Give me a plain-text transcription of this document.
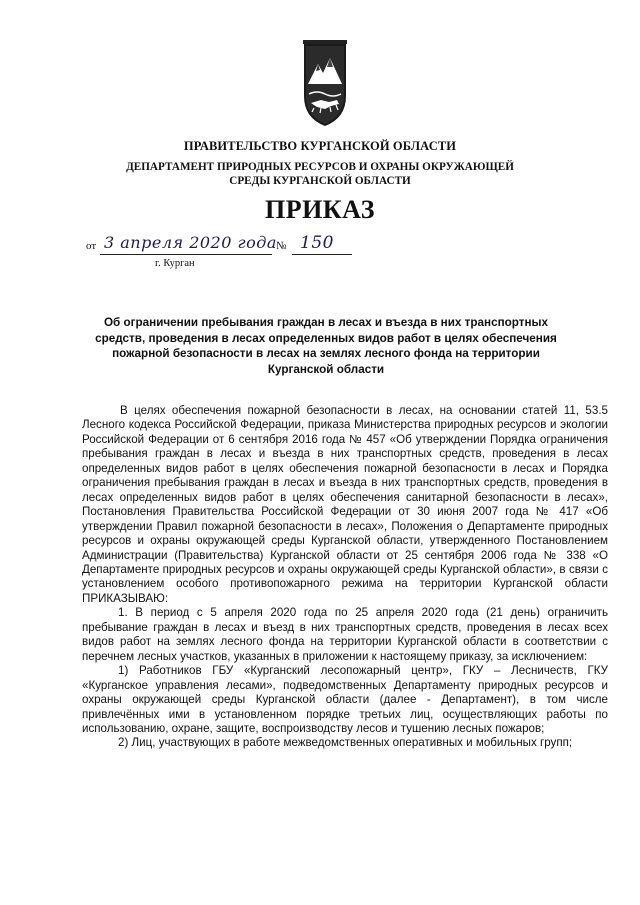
ПРАВИТЕЛЬСТВО КУРГАНСКОЙ ОБЛАСТИ
ДЕПАРТАМЕНТ ПРИРОДНЫХ РЕСУРСОВ И ОХРАНЫ ОКРУЖАЮЩЕЙ СРЕДЫ КУРГАНСКОЙ ОБЛАСТИ
ПРИКАЗ
от 3 апреля 2020 года № 150
г. Курган
Об ограничении пребывания граждан в лесах и въезда в них транспортных средств, проведения в лесах определенных видов работ в целях обеспечения пожарной безопасности в лесах на землях лесного фонда на территории Курганской области

В целях обеспечения пожарной безопасности в лесах, на основании статей 11, 53.5 Лесного кодекса Российской Федерации, приказа Министерства природных ресурсов и экологии Российской Федерации от 6 сентября 2016 года № 457 «Об утверждении Порядка ограничения пребывания граждан в лесах и въезда в них транспортных средств, проведения в лесах определенных видов работ в целях обеспечения пожарной безопасности в лесах и Порядка ограничения пребывания граждан в лесах и въезда в них транспортных средств, проведения в лесах определенных видов работ в целях обеспечения санитарной безопасности в лесах», Постановления Правительства Российской Федерации от 30 июня 2007 года № 417 «Об утверждении Правил пожарной безопасности в лесах», Положения о Департаменте природных ресурсов и охраны окружающей среды Курганской области, утвержденного Постановлением Администрации (Правительства) Курганской области от 25 сентября 2006 года № 338 «О Департаменте природных ресурсов и охраны окружающей среды Курганской области», в связи с установлением особого противопожарного режима на территории Курганской области ПРИКАЗЫВАЮ:

1. В период с 5 апреля 2020 года по 25 апреля 2020 года (21 день) ограничить пребывание граждан в лесах и въезд в них транспортных средств, проведения в лесах всех видов работ на землях лесного фонда на территории Курганской области в соответствии с перечнем лесных участков, указанных в приложении к настоящему приказу, за исключением:

1) Работников ГБУ «Курганский лесопожарный центр», ГКУ – Лесничеств, ГКУ «Курганское управления лесами», подведомственных Департаменту природных ресурсов и охраны окружающей среды Курганской области (далее - Департамент), в том числе привлечённых ими в установленном порядке третьих лиц, осуществляющих работы по использованию, охране, защите, воспроизводству лесов и тушению лесных пожаров;

2) Лиц, участвующих в работе межведомственных оперативных и мобильных групп;
